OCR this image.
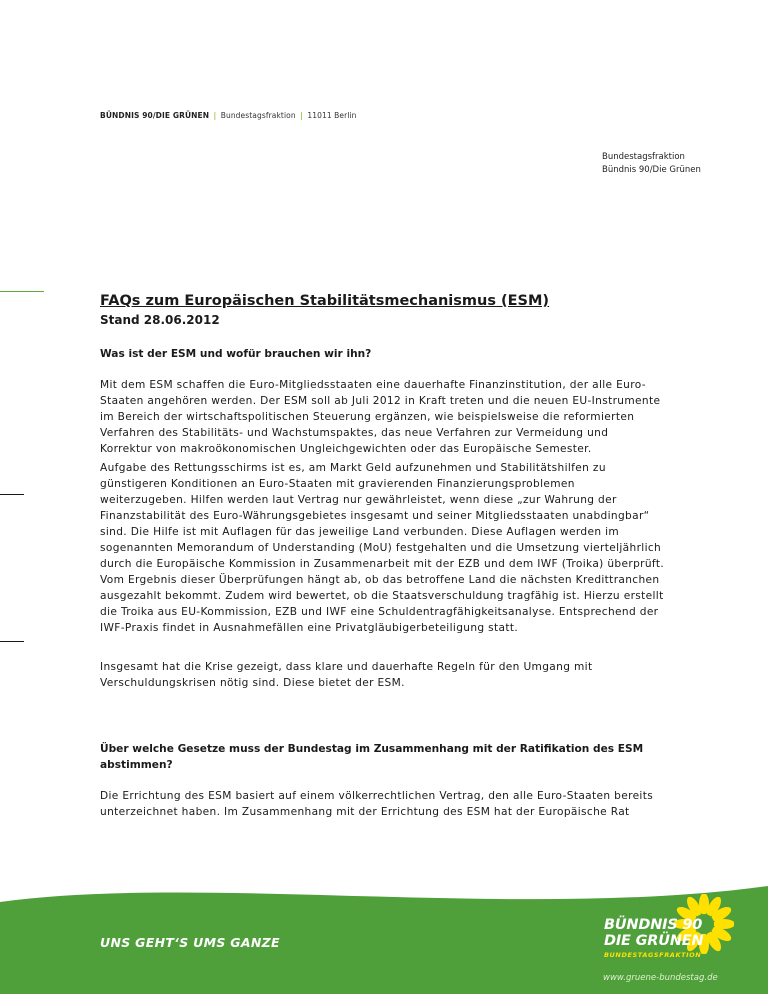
BÜNDNIS 90/DIE GRÜNEN | Bundestagsfraktion | 11011 Berlin
Bundestagsfraktion
Bündnis 90/Die Grünen
FAQs zum Europäischen Stabilitätsmechanismus (ESM)
Stand 28.06.2012
Was ist der ESM und wofür brauchen wir ihn?
Mit dem ESM schaffen die Euro-Mitgliedsstaaten eine dauerhafte Finanzinstitution, der alle Euro-
Staaten angehören werden. Der ESM soll ab Juli 2012 in Kraft treten und die neuen EU-Instrumente
im Bereich der wirtschaftspolitischen Steuerung ergänzen, wie beispielsweise die reformierten
Verfahren des Stabilitäts- und Wachstumspaktes, das neue Verfahren zur Vermeidung und
Korrektur von makroökonomischen Ungleichgewichten oder das Europäische Semester.
Aufgabe des Rettungsschirms ist es, am Markt Geld aufzunehmen und Stabilitätshilfen zu
günstigeren Konditionen an Euro-Staaten mit gravierenden Finanzierungsproblemen
weiterzugeben. Hilfen werden laut Vertrag nur gewährleistet, wenn diese „zur Wahrung der
Finanzstabilität des Euro-Währungsgebietes insgesamt und seiner Mitgliedsstaaten unabdingbar“
sind. Die Hilfe ist mit Auflagen für das jeweilige Land verbunden. Diese Auflagen werden im
sogenannten Memorandum of Understanding (MoU) festgehalten und die Umsetzung vierteljährlich
durch die Europäische Kommission in Zusammenarbeit mit der EZB und dem IWF (Troika) überprüft.
Vom Ergebnis dieser Überprüfungen hängt ab, ob das betroffene Land die nächsten Kredittranchen
ausgezahlt bekommt. Zudem wird bewertet, ob die Staatsverschuldung tragfähig ist. Hierzu erstellt
die Troika aus EU-Kommission, EZB und IWF eine Schuldentragfähigkeitsanalyse. Entsprechend der
IWF-Praxis findet in Ausnahmefällen eine Privatgläubigerbeteiligung statt.
Insgesamt hat die Krise gezeigt, dass klare und dauerhafte Regeln für den Umgang mit
Verschuldungskrisen nötig sind. Diese bietet der ESM.
Über welche Gesetze muss der Bundestag im Zusammenhang mit der Ratifikation des ESM
abstimmen?
Die Errichtung des ESM basiert auf einem völkerrechtlichen Vertrag, den alle Euro-Staaten bereits
unterzeichnet haben. Im Zusammenhang mit der Errichtung des ESM hat der Europäische Rat
UNS GEHT‘S UMS GANZE
BÜNDNIS 90
DIE GRÜNEN
BUNDESTAGSFRAKTION
www.gruene-bundestag.de
